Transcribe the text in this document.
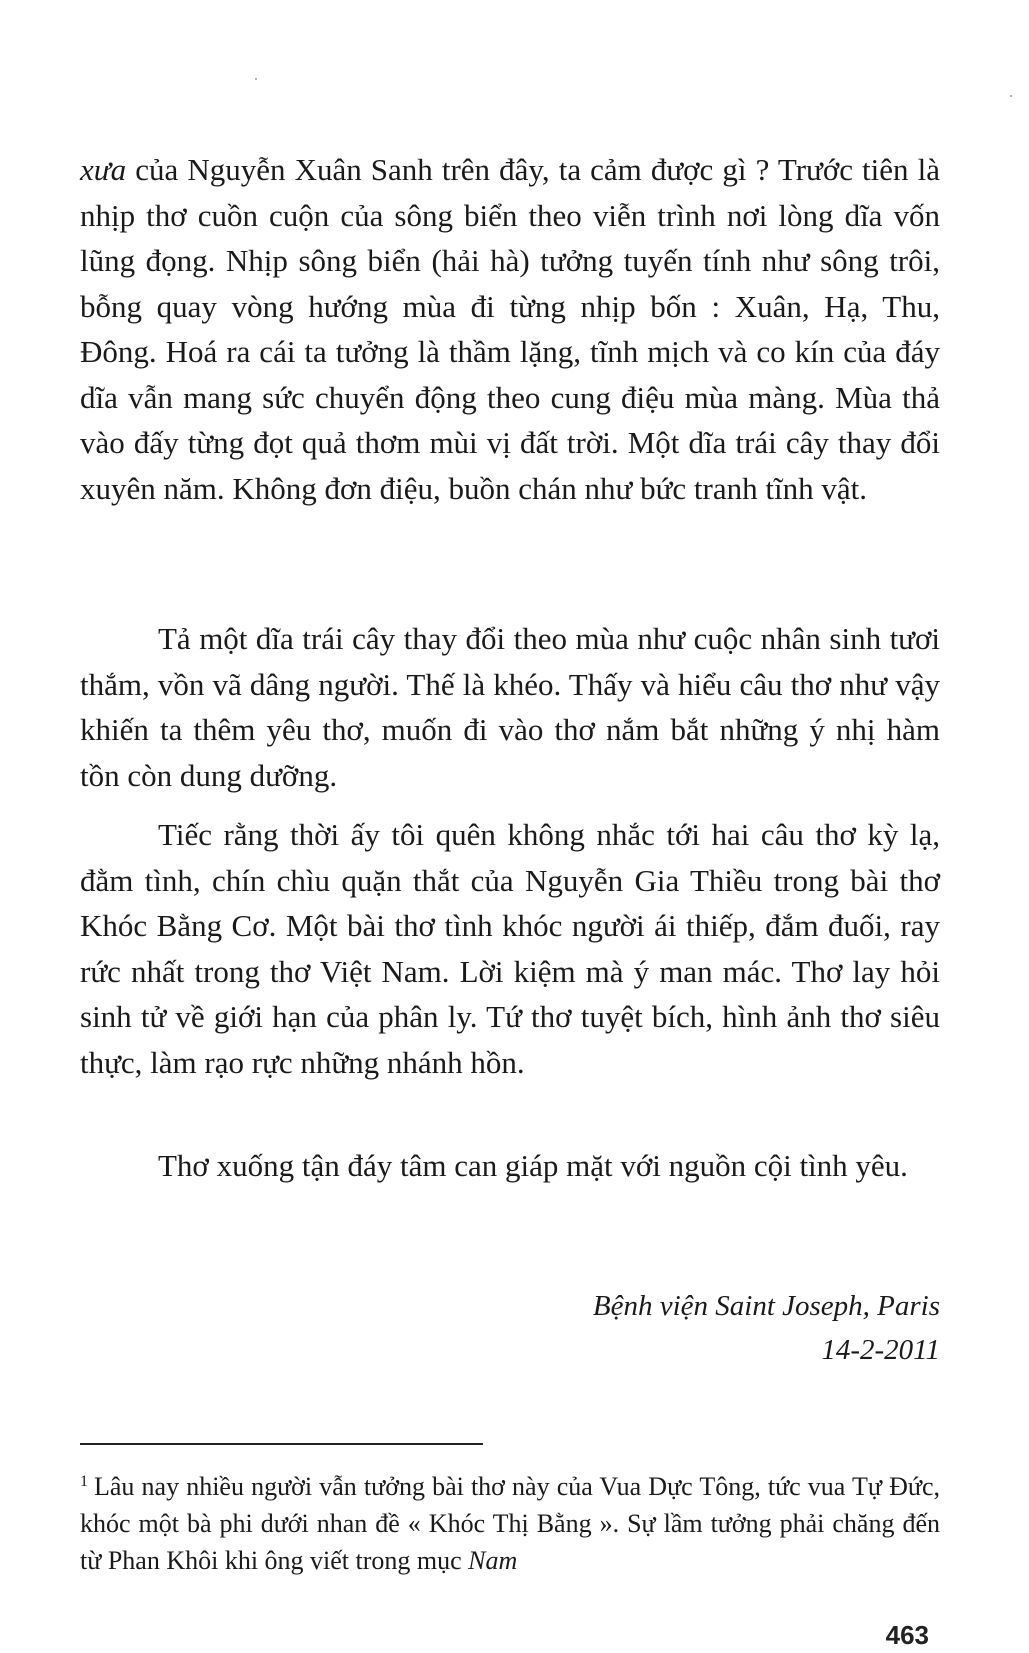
xưa của Nguyễn Xuân Sanh trên đây, ta cảm được gì ? Trước tiên là nhịp thơ cuồn cuộn của sông biển theo viễn trình nơi lòng dĩa vốn lũng đọng. Nhịp sông biển (hải hà) tưởng tuyến tính như sông trôi, bỗng quay vòng hướng mùa đi từng nhịp bốn : Xuân, Hạ, Thu, Đông. Hoá ra cái ta tưởng là thầm lặng, tĩnh mịch và co kín của đáy dĩa vẫn mang sức chuyển động theo cung điệu mùa màng. Mùa thả vào đấy từng đọt quả thơm mùi vị đất trời. Một dĩa trái cây thay đổi xuyên năm. Không đơn điệu, buồn chán như bức tranh tĩnh vật.

Tả một dĩa trái cây thay đổi theo mùa như cuộc nhân sinh tươi thắm, vồn vã dâng người. Thế là khéo. Thấy và hiểu câu thơ như vậy khiến ta thêm yêu thơ, muốn đi vào thơ nắm bắt những ý nhị hàm tồn còn dung dưỡng.

Tiếc rằng thời ấy tôi quên không nhắc tới hai câu thơ kỳ lạ, đằm tình, chín chìu quặn thắt của Nguyễn Gia Thiều trong bài thơ Khóc Bằng Cơ. Một bài thơ tình khóc người ái thiếp, đắm đuối, ray rức nhất trong thơ Việt Nam. Lời kiệm mà ý man mác. Thơ lay hỏi sinh tử về giới hạn của phân ly. Tứ thơ tuyệt bích, hình ảnh thơ siêu thực, làm rạo rực những nhánh hồn.

Thơ xuống tận đáy tâm can giáp mặt với nguồn cội tình yêu.

Bệnh viện Saint Joseph, Paris
14-2-2011
$^1$ Lâu nay nhiều người vẫn tưởng bài thơ này của Vua Dực Tông, tức vua Tự Đức, khóc một bà phi dưới nhan đề « Khóc Thị Bằng ». Sự lầm tưởng phải chăng đến từ Phan Khôi khi ông viết trong mục Nam
463
